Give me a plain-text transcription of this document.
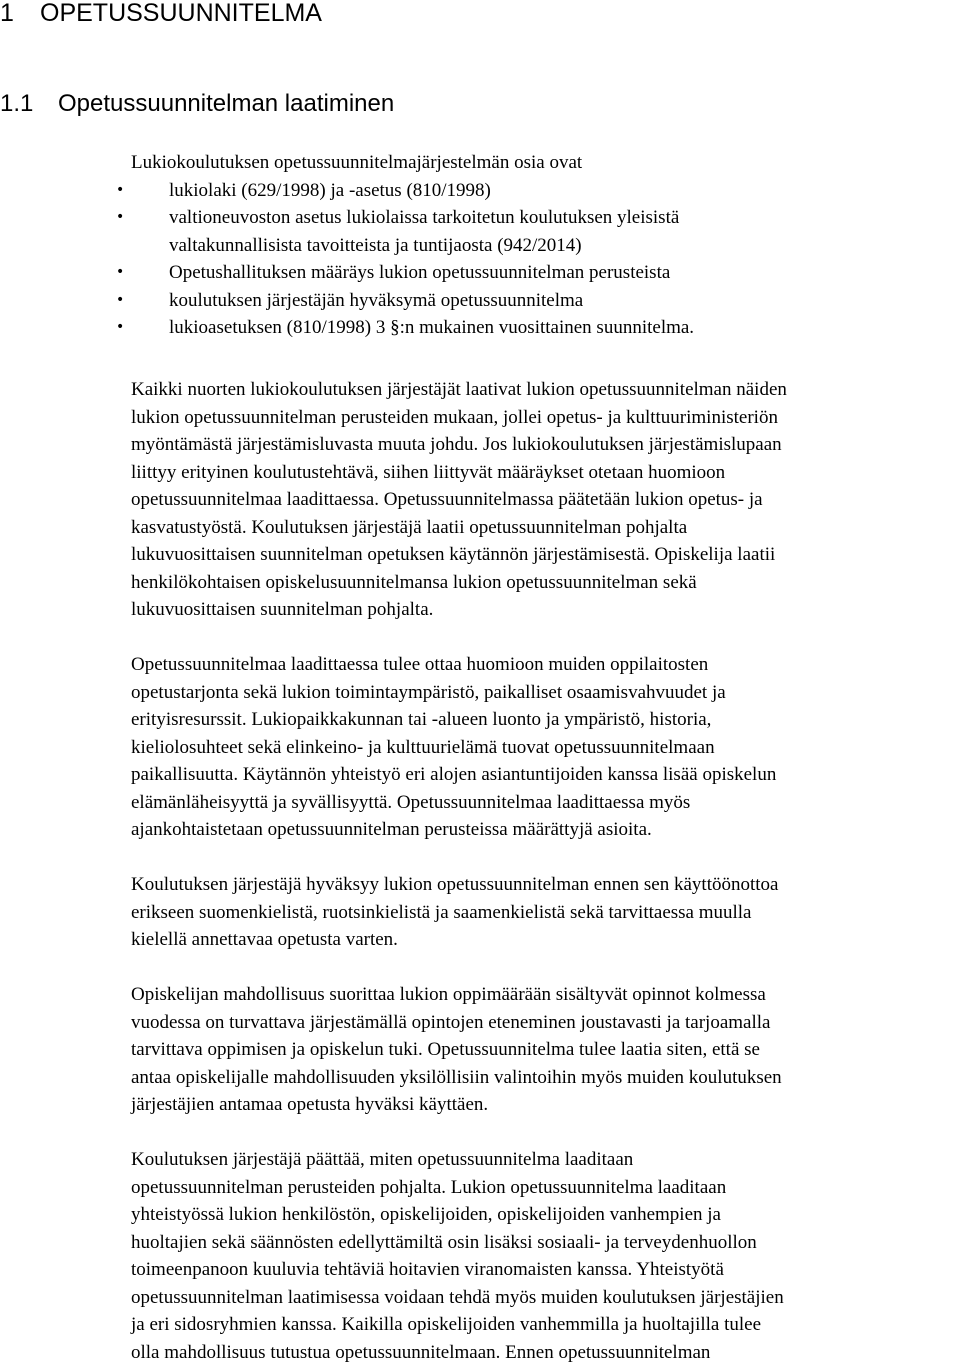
1 OPETUSSUUNNITELMA
1.1 Opetussuunnitelman laatiminen

Lukiokoulutuksen opetussuunnitelmajärjestelmän osia ovat

• lukiolaki (629/1998) ja -asetus (810/1998)
• valtioneuvoston asetus lukiolaissa tarkoitetun koulutuksen yleisistä
valtakunnallisista tavoitteista ja tuntijaosta (942/2014)
• Opetushallituksen määräys lukion opetussuunnitelman perusteista
• koulutuksen järjestäjän hyväksymä opetussuunnitelma
• lukioasetuksen (810/1998) 3 §:n mukainen vuosittainen suunnitelma.

Kaikki nuorten lukiokoulutuksen järjestäjät laativat lukion opetussuunnitelman näiden
lukion opetussuunnitelman perusteiden mukaan, jollei opetus- ja kulttuuriministeriön
myöntämästä järjestämisluvasta muuta johdu. Jos lukiokoulutuksen järjestämislupaan
liittyy erityinen koulutustehtävä, siihen liittyvät määräykset otetaan huomioon
opetussuunnitelmaa laadittaessa. Opetussuunnitelmassa päätetään lukion opetus- ja
kasvatustyöstä. Koulutuksen järjestäjä laatii opetussuunnitelman pohjalta
lukuvuosittaisen suunnitelman opetuksen käytännön järjestämisestä. Opiskelija laatii
henkilökohtaisen opiskelusuunnitelmansa lukion opetussuunnitelman sekä
lukuvuosittaisen suunnitelman pohjalta.

Opetussuunnitelmaa laadittaessa tulee ottaa huomioon muiden oppilaitosten
opetustarjonta sekä lukion toimintaympäristö, paikalliset osaamisvahvuudet ja
erityisresurssit. Lukiopaikkakunnan tai -alueen luonto ja ympäristö, historia,
kieliolosuhteet sekä elinkeino- ja kulttuurielämä tuovat opetussuunnitelmaan
paikallisuutta. Käytännön yhteistyö eri alojen asiantuntijoiden kanssa lisää opiskelun
elämänläheisyyttä ja syvällisyyttä. Opetussuunnitelmaa laadittaessa myös
ajankohtaistetaan opetussuunnitelman perusteissa määrättyjä asioita.

Koulutuksen järjestäjä hyväksyy lukion opetussuunnitelman ennen sen käyttöönottoa
erikseen suomenkielistä, ruotsinkielistä ja saamenkielistä sekä tarvittaessa muulla
kielellä annettavaa opetusta varten.

Opiskelijan mahdollisuus suorittaa lukion oppimäärään sisältyvät opinnot kolmessa
vuodessa on turvattava järjestämällä opintojen eteneminen joustavasti ja tarjoamalla
tarvittava oppimisen ja opiskelun tuki. Opetussuunnitelma tulee laatia siten, että se
antaa opiskelijalle mahdollisuuden yksilöllisiin valintoihin myös muiden koulutuksen
järjestäjien antamaa opetusta hyväksi käyttäen.

Koulutuksen järjestäjä päättää, miten opetussuunnitelma laaditaan
opetussuunnitelman perusteiden pohjalta. Lukion opetussuunnitelma laaditaan
yhteistyössä lukion henkilöstön, opiskelijoiden, opiskelijoiden vanhempien ja
huoltajien sekä säännösten edellyttämiltä osin lisäksi sosiaali- ja terveydenhuollon
toimeenpanoon kuuluvia tehtäviä hoitavien viranomaisten kanssa. Yhteistyötä
opetussuunnitelman laatimisessa voidaan tehdä myös muiden koulutuksen järjestäjien
ja eri sidosryhmien kanssa. Kaikilla opiskelijoiden vanhemmilla ja huoltajilla tulee
olla mahdollisuus tutustua opetussuunnitelmaan. Ennen opetussuunnitelman
